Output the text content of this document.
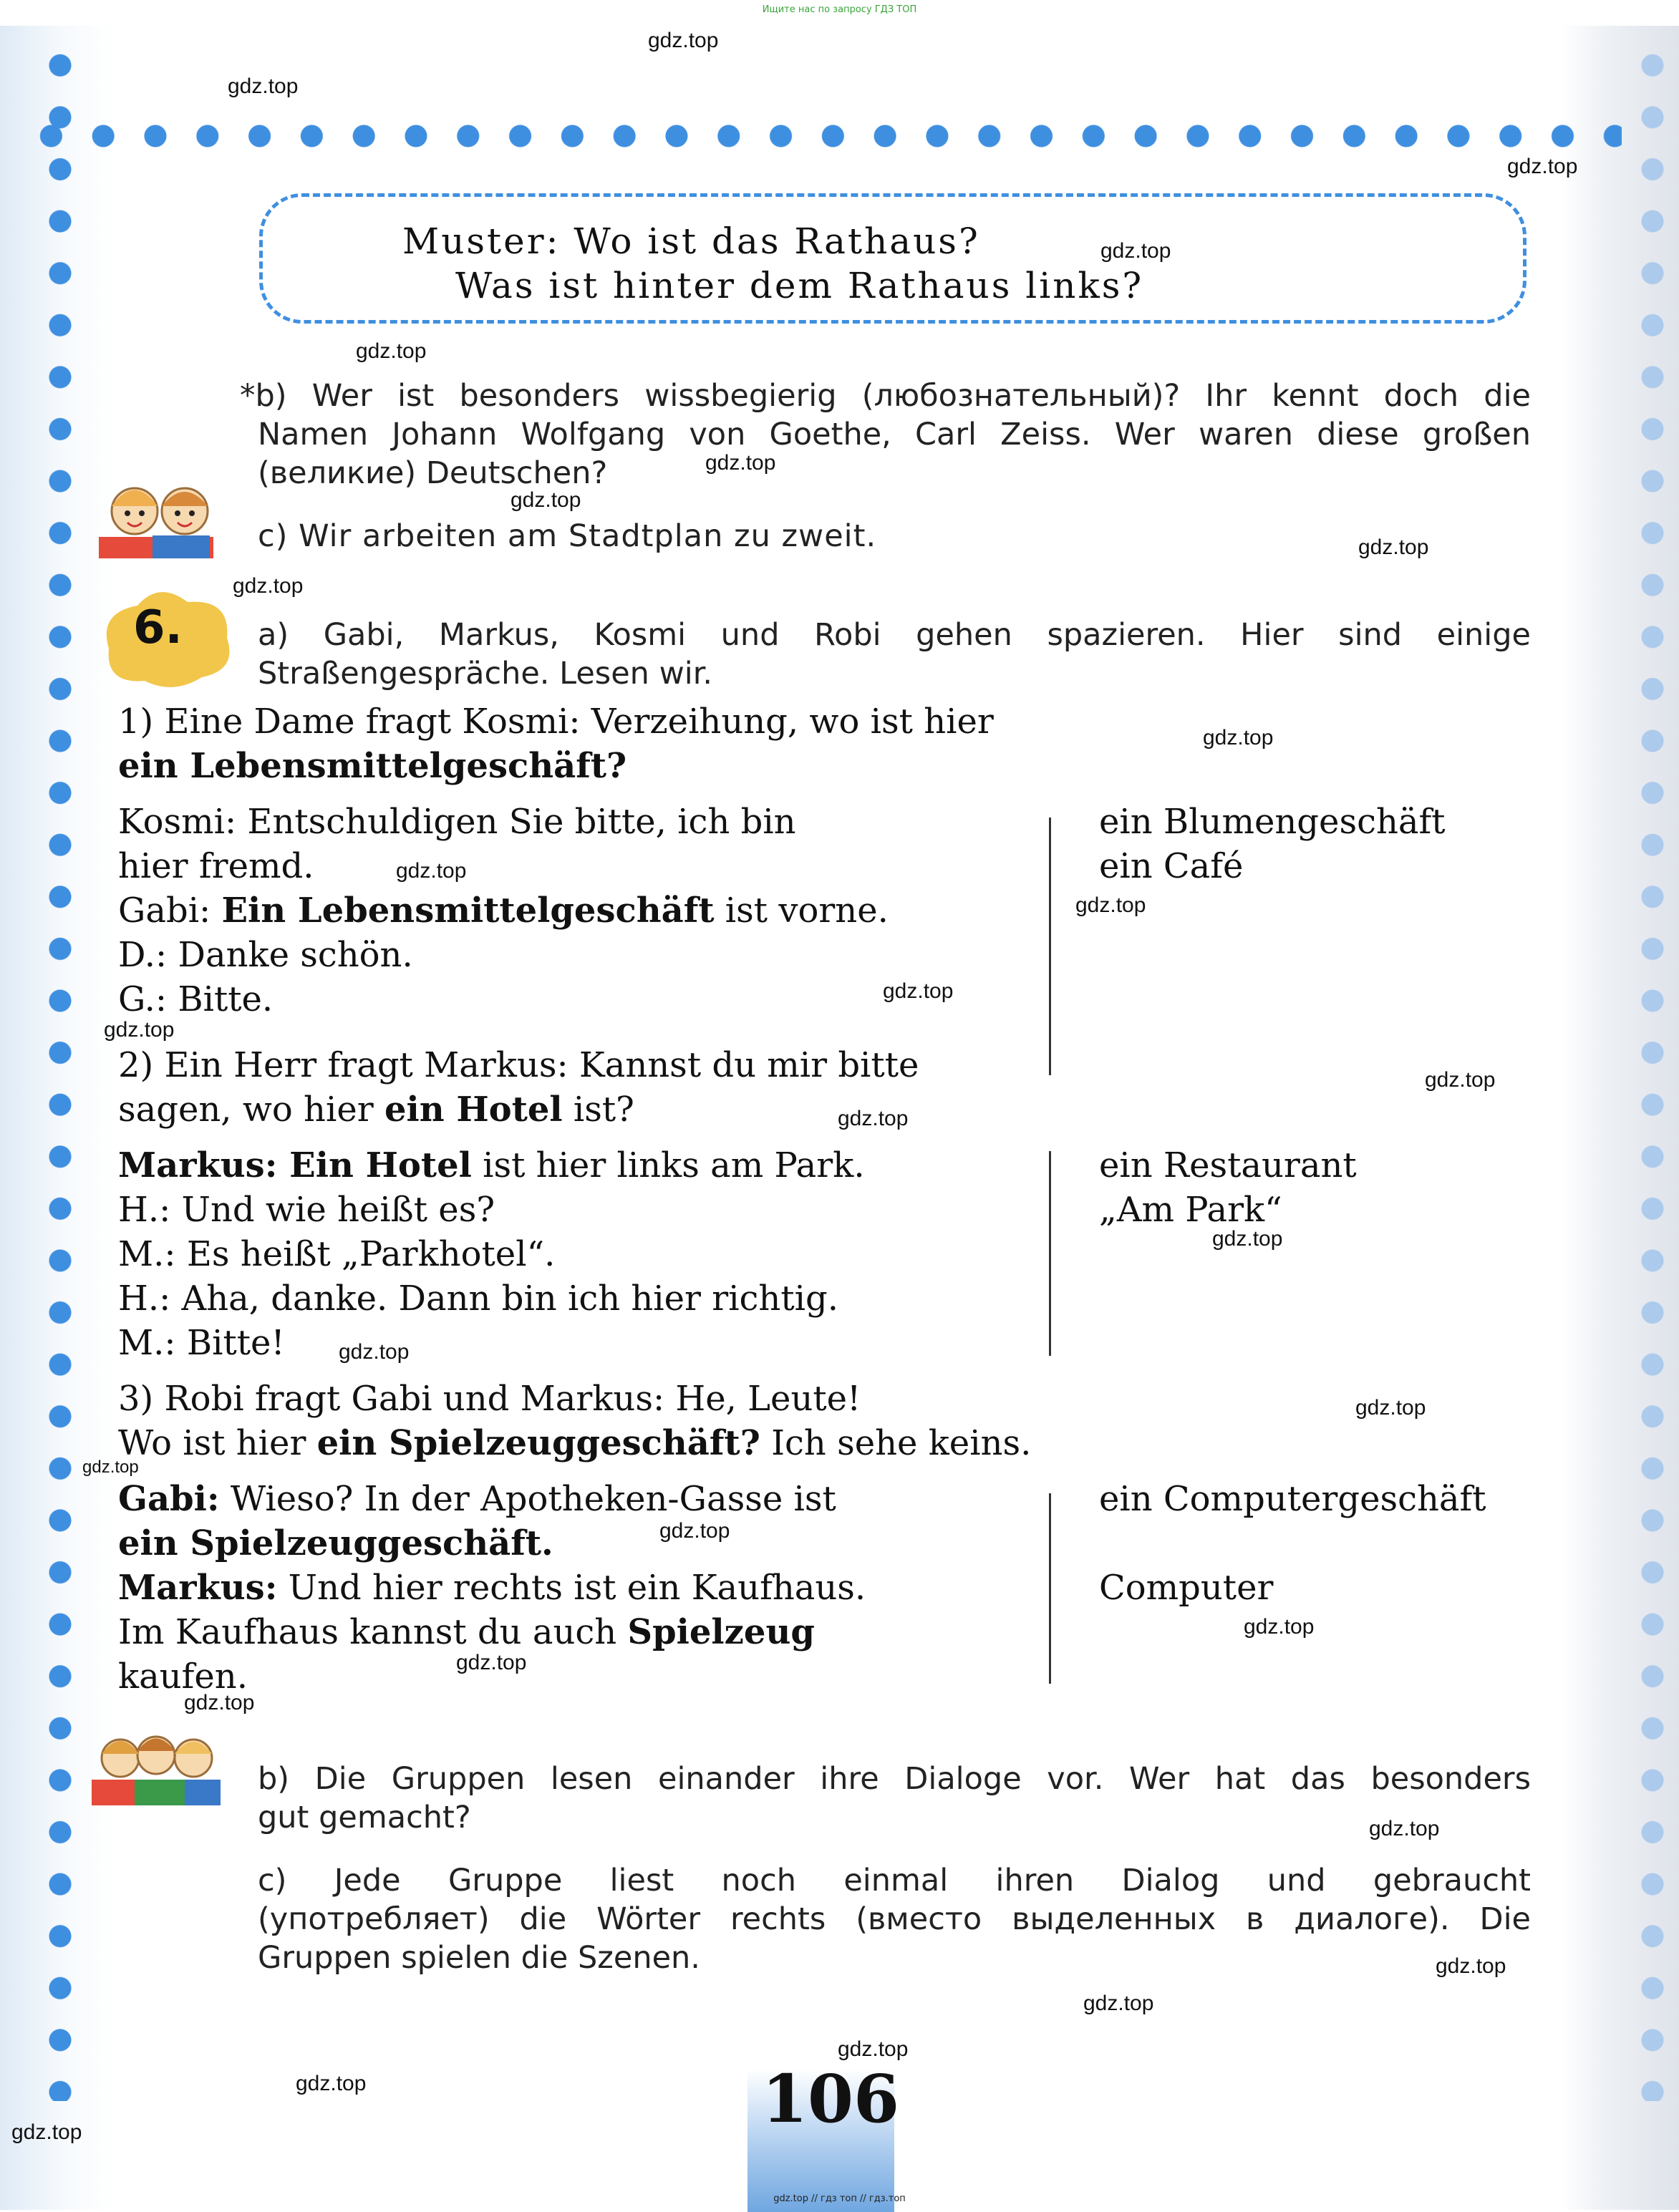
Ищите нас по запросу ГДЗ ТОП
gdz.top
gdz.top
gdz.top
gdz.top
gdz.top
gdz.top
gdz.top
gdz.top
gdz.top
gdz.top
gdz.top
gdz.top
gdz.top
gdz.top
gdz.top
gdz.top
gdz.top
gdz.top
gdz.top
gdz.top
gdz.top
gdz.top
gdz.top
gdz.top
gdz.top
gdz.top
gdz.top
gdz.top
gdz.top
gdz.top
Muster: Wo ist das Rathaus?
Was ist hinter dem Rathaus links?
*b) Wer ist besonders wissbegierig (любознательный)? Ihr kennt doch die
Namen Johann Wolfgang von Goethe, Carl Zeiss. Wer waren diese großen
(великие) Deutschen?
c) Wir arbeiten am Stadtplan zu zweit.
6. a) Gabi, Markus, Kosmi und Robi gehen spazieren. Hier sind einige
Straßengespräche. Lesen wir.
1) Eine Dame fragt Kosmi: Verzeihung, wo ist hier
ein Lebensmittelgeschäft?
Kosmi: Entschuldigen Sie bitte, ich bin
hier fremd.
Gabi: Ein Lebensmittelgeschäft ist vorne.
D.: Danke schön.
G.: Bitte.
ein Blumengeschäft
ein Café
2) Ein Herr fragt Markus: Kannst du mir bitte
sagen, wo hier ein Hotel ist?
Markus: Ein Hotel ist hier links am Park.
H.: Und wie heißt es?
M.: Es heißt „Parkhotel“.
H.: Aha, danke. Dann bin ich hier richtig.
M.: Bitte!
ein Restaurant
„Am Park“
3) Robi fragt Gabi und Markus: He, Leute!
Wo ist hier ein Spielzeuggeschäft? Ich sehe keins.
Gabi: Wieso? In der Apotheken-Gasse ist
ein Spielzeuggeschäft.
Markus: Und hier rechts ist ein Kaufhaus.
Im Kaufhaus kannst du auch Spielzeug
kaufen.
ein Computergeschäft
Computer
b) Die Gruppen lesen einander ihre Dialoge vor. Wer hat das besonders
gut gemacht?
c) Jede Gruppe liest noch einmal ihren Dialog und gebraucht
(употребляет) die Wörter rechts (вместо выделенных в диалоге). Die
Gruppen spielen die Szenen.
106
gdz.top // гдз топ // гдз.топ
